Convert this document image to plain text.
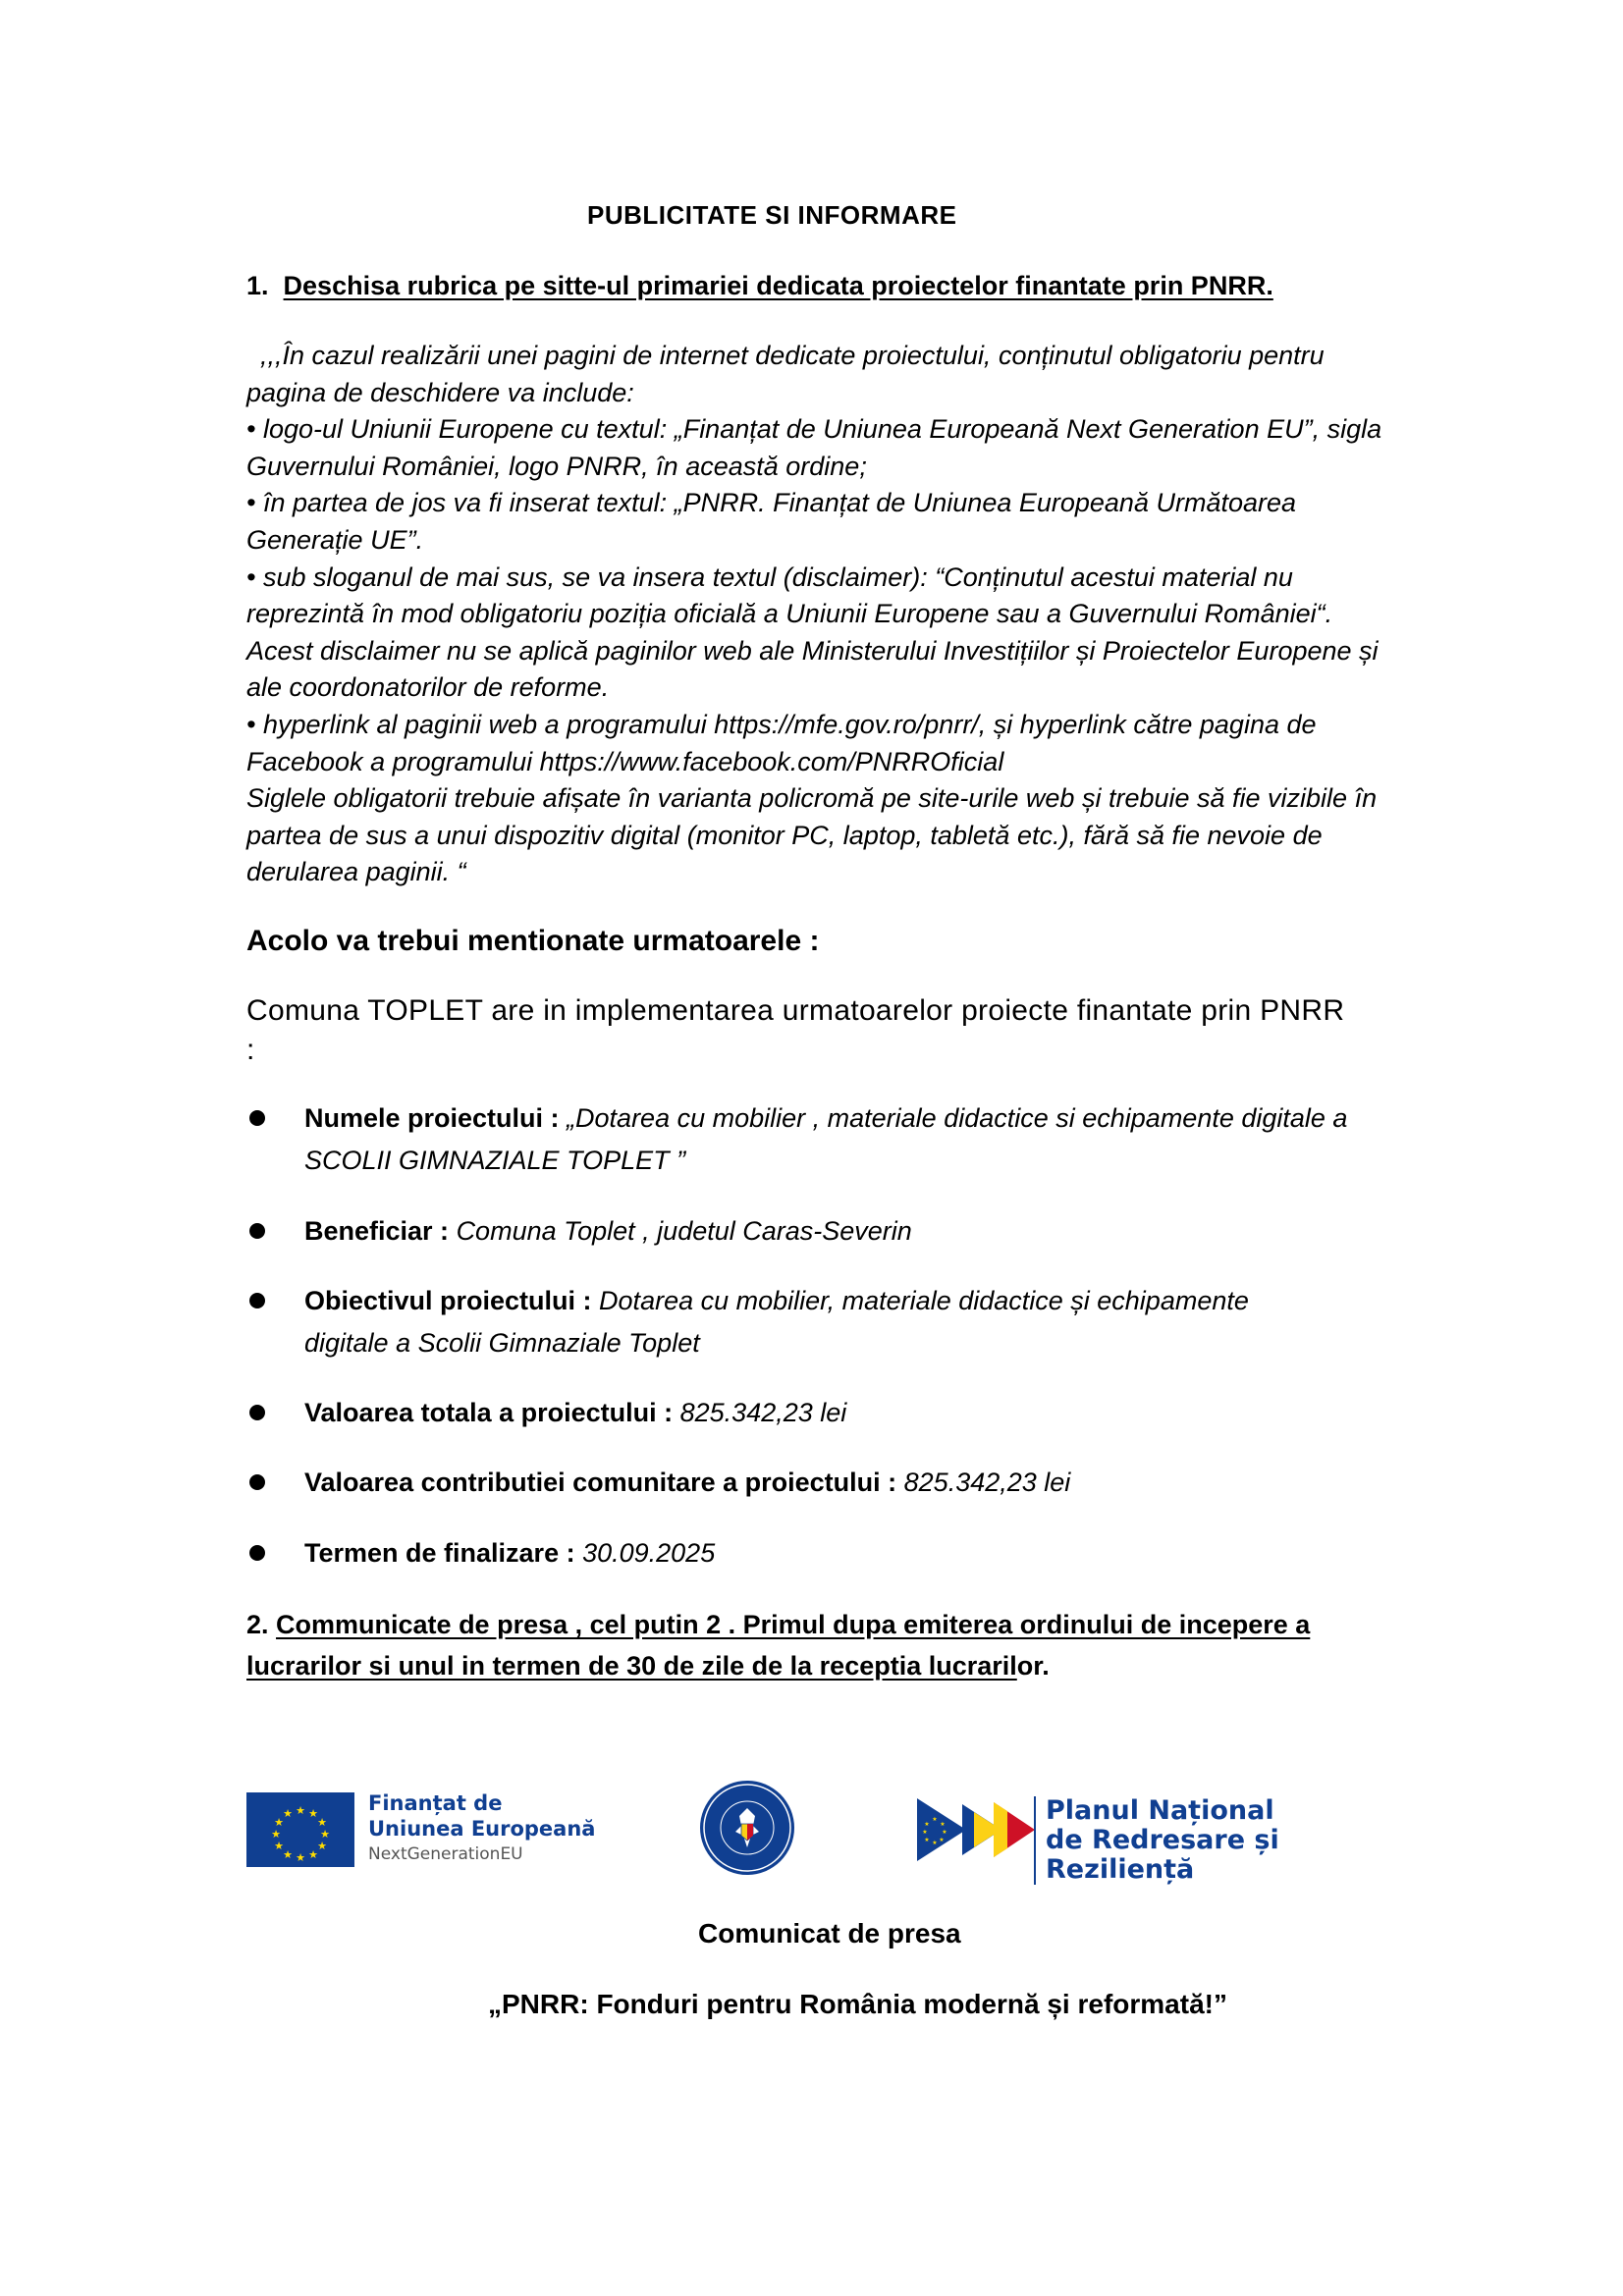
PUBLICITATE SI INFORMARE
1. Deschisa rubrica pe sitte-ul primariei dedicata proiectelor finantate prin PNRR.

,,,În cazul realizării unei pagini de internet dedicate proiectului, conținutul obligatoriu pentru pagina de deschidere va include:

• logo-ul Uniunii Europene cu textul: „Finanțat de Uniunea Europeană Next Generation EU”, sigla Guvernului României, logo PNRR, în această ordine;

• în partea de jos va fi inserat textul: „PNRR. Finanțat de Uniunea Europeană Următoarea Generație UE”.

• sub sloganul de mai sus, se va insera textul (disclaimer): “Conținutul acestui material nu reprezintă în mod obligatoriu poziția oficială a Uniunii Europene sau a Guvernului României“. Acest disclaimer nu se aplică paginilor web ale Ministerului Investițiilor și Proiectelor Europene și ale coordonatorilor de reforme.

• hyperlink al paginii web a programului https://mfe.gov.ro/pnrr/, și hyperlink către pagina de Facebook a programului https://www.facebook.com/PNRROficial

Siglele obligatorii trebuie afișate în varianta policromă pe site-urile web și trebuie să fie vizibile în partea de sus a unui dispozitiv digital (monitor PC, laptop, tabletă etc.), fără să fie nevoie de derularea paginii. “

Acolo va trebui mentionate urmatoarele :
Comuna TOPLET are in implementarea urmatoarelor proiecte finantate prin PNRR :
Numele proiectului : „Dotarea cu mobilier , materiale didactice si echipamente digitale a SCOLII GIMNAZIALE TOPLET ”
Beneficiar : Comuna Toplet , judetul Caras-Severin
Obiectivul proiectului : Dotarea cu mobilier, materiale didactice și echipamente digitale a Scolii Gimnaziale Toplet
Valoarea totala a proiectului : 825.342,23 lei
Valoarea contributiei comunitare a proiectului : 825.342,23 lei
Termen de finalizare : 30.09.2025
2. Communicate de presa , cel putin 2 . Primul dupa emiterea ordinului de incepere a
lucrarilor si unul in termen de 30 de zile de la receptia lucrarilor.
★ ★
★
★
★
★
★
★
★
★
★
★	Finanțat de
Uniunea Europeană
NextGenerationEU
★
★
★
★
★
★
★
★	Planul Național
de Redresare și Reziliență
Comunicat de presa
„PNRR: Fonduri pentru România modernă și reformată!”
